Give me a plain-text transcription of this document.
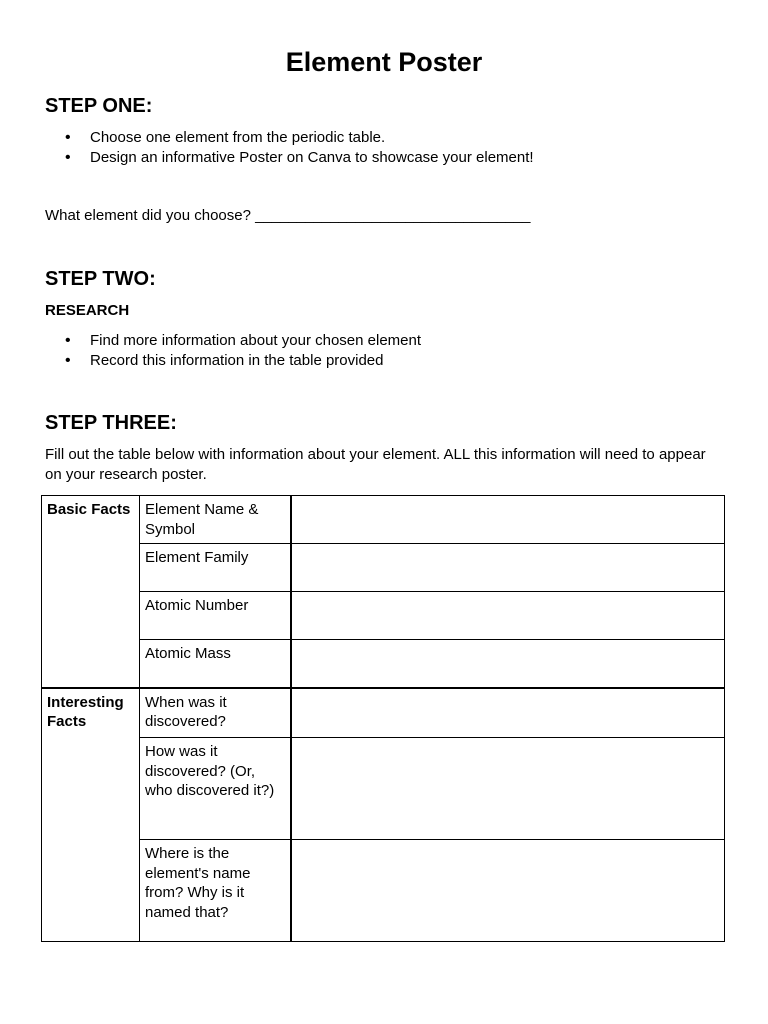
Element Poster
STEP ONE:
• Choose one element from the periodic table.
• Design an informative Poster on Canva to showcase your element!
What element did you choose? _________________________________
STEP TWO:
RESEARCH
• Find more information about your chosen element
• Record this information in the table provided
STEP THREE:
Fill out the table below with information about your element. ALL this information will need to appear on your research poster.
Basic Facts	Element Name & Symbol	
	Element Family	
	Atomic Number	
	Atomic Mass	
Interesting Facts	When was it discovered?	
	How was it discovered? (Or, who discovered it?)	
	Where is the element's name from? Why is it named that?	
